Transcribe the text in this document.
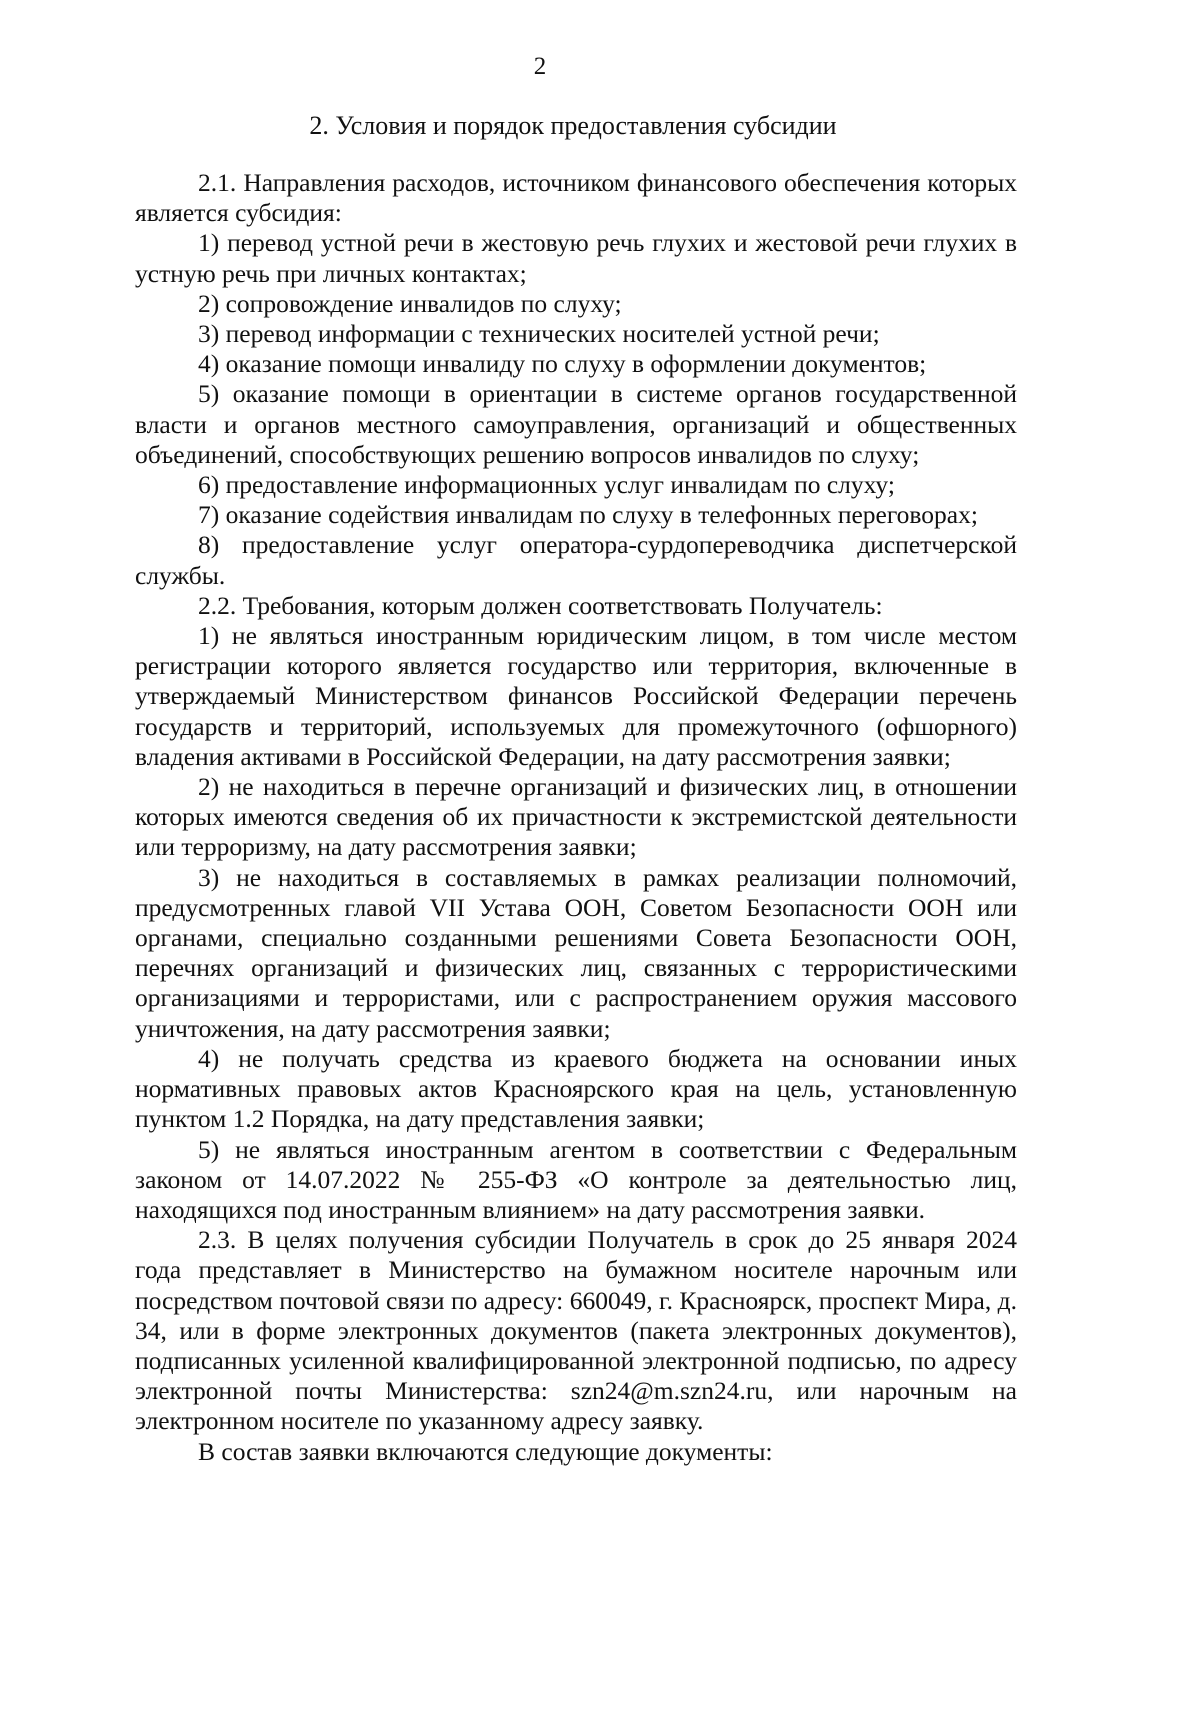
2
2. Условия и порядок предоставления субсидии

2.1. Направления расходов, источником финансового обеспечения которых является субсидия:

1) перевод устной речи в жестовую речь глухих и жестовой речи глухих в устную речь при личных контактах;

2) сопровождение инвалидов по слуху;

3) перевод информации с технических носителей устной речи;

4) оказание помощи инвалиду по слуху в оформлении документов;

5) оказание помощи в ориентации в системе органов государственной власти и органов местного самоуправления, организаций и общественных объединений, способствующих решению вопросов инвалидов по слуху;

6) предоставление информационных услуг инвалидам по слуху;

7) оказание содействия инвалидам по слуху в телефонных переговорах;

8) предоставление услуг оператора-сурдопереводчика диспетчерской службы.

2.2. Требования, которым должен соответствовать Получатель:

1) не являться иностранным юридическим лицом, в том числе местом регистрации которого является государство или территория, включенные в утверждаемый Министерством финансов Российской Федерации перечень государств и территорий, используемых для промежуточного (офшорного) владения активами в Российской Федерации, на дату рассмотрения заявки;

2) не находиться в перечне организаций и физических лиц, в отношении которых имеются сведения об их причастности к экстремистской деятельности или терроризму, на дату рассмотрения заявки;

3) не находиться в составляемых в рамках реализации полномочий, предусмотренных главой VII Устава ООН, Советом Безопасности ООН или органами, специально созданными решениями Совета Безопасности ООН, перечнях организаций и физических лиц, связанных с террористическими организациями и террористами, или с распространением оружия массового уничтожения, на дату рассмотрения заявки;

4) не получать средства из краевого бюджета на основании иных нормативных правовых актов Красноярского края на цель, установленную пунктом 1.2 Порядка, на дату представления заявки;

5) не являться иностранным агентом в соответствии с Федеральным законом от 14.07.2022 № 255-ФЗ «О контроле за деятельностью лиц, находящихся под иностранным влиянием» на дату рассмотрения заявки.

2.3. В целях получения субсидии Получатель в срок до 25 января 2024 года представляет в Министерство на бумажном носителе нарочным или посредством почтовой связи по адресу: 660049, г. Красноярск, проспект Мира, д. 34, или в форме электронных документов (пакета электронных документов), подписанных усиленной квалифицированной электронной подписью, по адресу электронной почты Министерства: szn24@m.szn24.ru, или нарочным на электронном носителе по указанному адресу заявку.

В состав заявки включаются следующие документы:
